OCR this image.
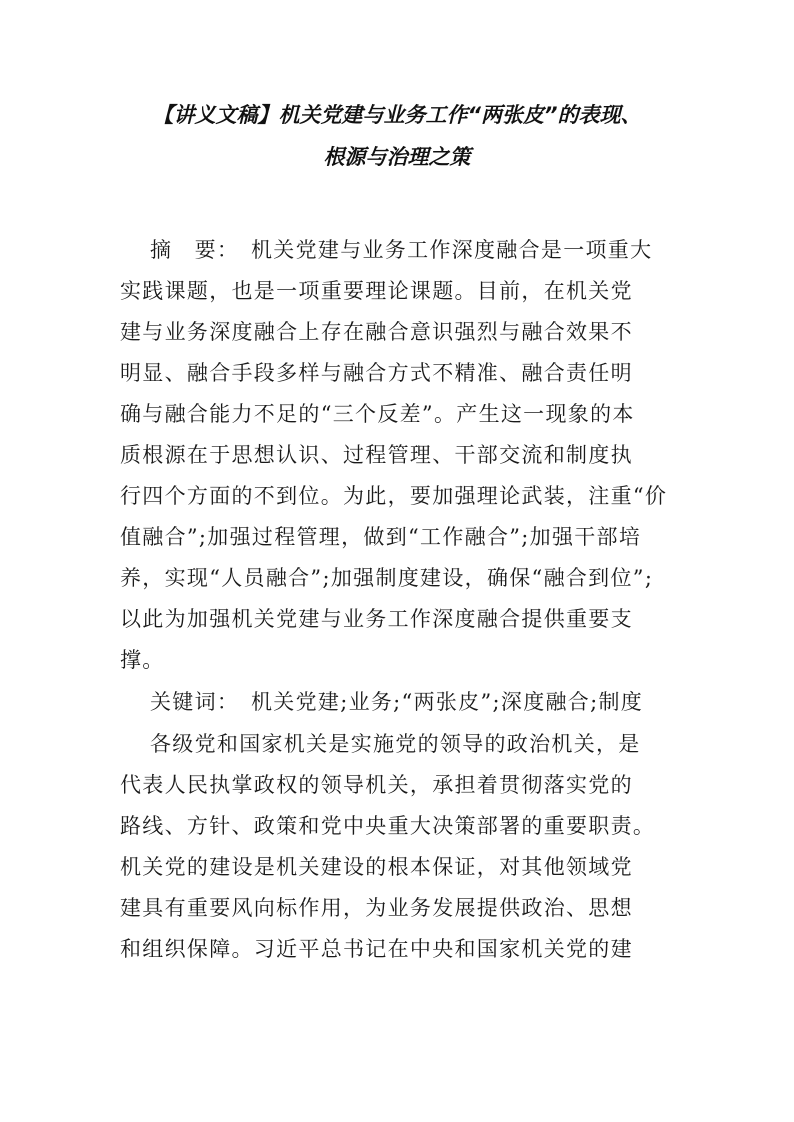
【讲义文稿】机关党建与业务工作“两张皮”的表现、
根源与治理之策
摘　要：　机关党建与业务工作深度融合是一项重大
实践课题，也是一项重要理论课题。目前，在机关党
建与业务深度融合上存在融合意识强烈与融合效果不
明显、融合手段多样与融合方式不精准、融合责任明
确与融合能力不足的“三个反差”。产生这一现象的本
质根源在于思想认识、过程管理、干部交流和制度执
行四个方面的不到位。为此，要加强理论武装，注重“价
值融合”;加强过程管理，做到“工作融合”;加强干部培
养，实现“人员融合”;加强制度建设，确保“融合到位”;
以此为加强机关党建与业务工作深度融合提供重要支
撑。
关键词：　机关党建;业务;“两张皮”;深度融合;制度
各级党和国家机关是实施党的领导的政治机关，是
代表人民执掌政权的领导机关，承担着贯彻落实党的
路线、方针、政策和党中央重大决策部署的重要职责。
机关党的建设是机关建设的根本保证，对其他领域党
建具有重要风向标作用，为业务发展提供政治、思想
和组织保障。习近平总书记在中央和国家机关党的建
